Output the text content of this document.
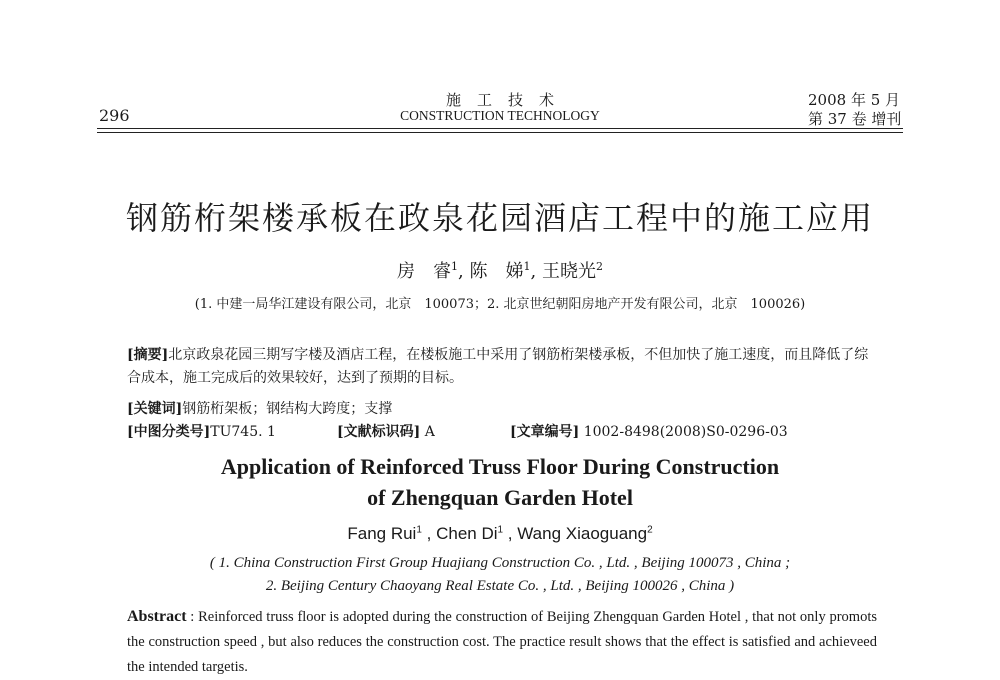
296
施工技术
CONSTRUCTION TECHNOLOGY
2008 年 5 月
第 37 卷 增刊
钢筋桁架楼承板在政泉花园酒店工程中的施工应用
房　睿$^1$, 陈　娣$^1$, 王晓光$^2$
(1. 中建一局华江建设有限公司，北京　100073；2. 北京世纪朝阳房地产开发有限公司，北京　100026)
[摘要]北京政泉花园三期写字楼及酒店工程，在楼板施工中采用了钢筋桁架楼承板，不但加快了施工速度，而且降低了综合成本，施工完成后的效果较好，达到了预期的目标。
[关键词]钢筋桁架板；钢结构大跨度；支撑
[中图分类号]TU745. 1	[文献标识码] A	[文章编号] 1002-8498(2008)S0-0296-03
Application of Reinforced Truss Floor During Construction
of Zhengquan Garden Hotel
Fang Rui$^1$ , Chen Di$^1$ , Wang Xiaoguang$^2$
( 1. China Construction First Group Huajiang Construction Co. , Ltd. , Beijing 100073 , China ;
2. Beijing Century Chaoyang Real Estate Co. , Ltd. , Beijing 100026 , China )
Abstract : Reinforced truss floor is adopted during the construction of Beijing Zhengquan Garden Hotel , that not only promots the construction speed , but also reduces the construction cost. The practice result shows that the effect is satisfied and achieveed the intended targetis.
